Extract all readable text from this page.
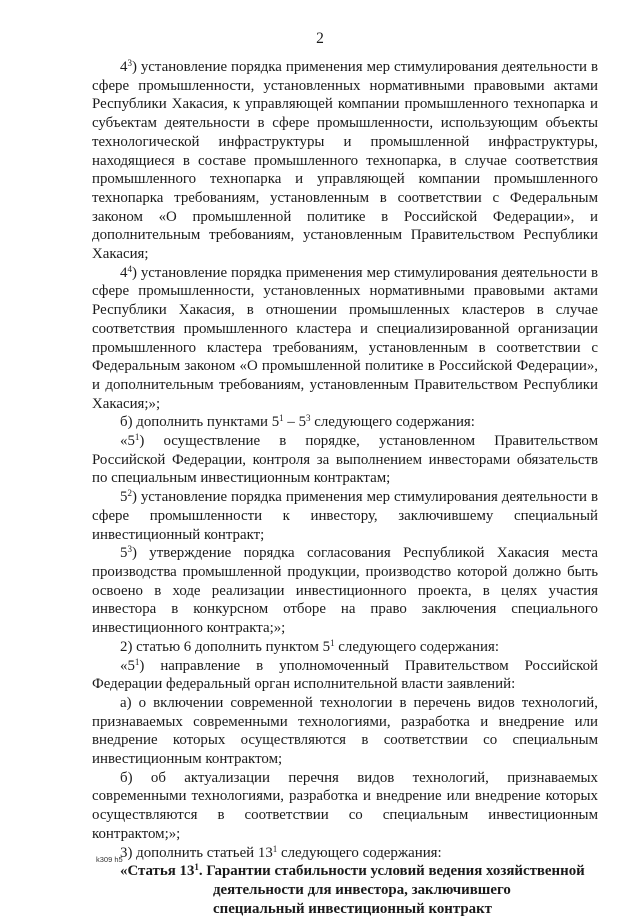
2

$4^3$) установление порядка применения мер стимулирования деятельности в сфере промышленности, установленных нормативными правовыми актами Республики Хакасия, к управляющей компании промышленного технопарка и субъектам деятельности в сфере промышленности, использующим объекты технологической инфраструктуры и промышленной инфраструктуры, находящиеся в составе промышленного технопарка, в случае соответствия промышленного технопарка и управляющей компании промышленного технопарка требованиям, установленным в соответствии с Федеральным законом «О промышленной политике в Российской Федерации», и дополнительным требованиям, установленным Правительством Республики Хакасия;

$4^4$) установление порядка применения мер стимулирования деятельности в сфере промышленности, установленных нормативными правовыми актами Республики Хакасия, в отношении промышленных кластеров в случае соответствия промышленного кластера и специализированной организации промышленного кластера требованиям, установленным в соответствии с Федеральным законом «О промышленной политике в Российской Федерации», и дополнительным требованиям, установленным Правительством Республики Хакасия;»;

б) дополнить пунктами $5^1 - 5^3$ следующего содержания:

«$5^1$) осуществление в порядке, установленном Правительством Российской Федерации, контроля за выполнением инвесторами обязательств по специальным инвестиционным контрактам;

$5^2$) установление порядка применения мер стимулирования деятельности в сфере промышленности к инвестору, заключившему специальный инвестиционный контракт;

$5^3$) утверждение порядка согласования Республикой Хакасия места производства промышленной продукции, производство которой должно быть освоено в ходе реализации инвестиционного проекта, в целях участия инвестора в конкурсном отборе на право заключения специального инвестиционного контракта;»;

2) статью 6 дополнить пунктом $5^1$ следующего содержания:

«$5^1$) направление в уполномоченный Правительством Российской Федерации федеральный орган исполнительной власти заявлений:

а) о включении современной технологии в перечень видов технологий, признаваемых современными технологиями, разработка и внедрение или внедрение которых осуществляются в соответствии со специальным инвестиционным контрактом;

б) об актуализации перечня видов технологий, признаваемых современными технологиями, разработка и внедрение или внедрение которых осуществляются в соответствии со специальным инвестиционным контрактом;»;

3) дополнить статьей $13^1$ следующего содержания:

«Статья $13^1$. Гарантии стабильности условий ведения хозяйственной
деятельности для инвестора, заключившего
специальный инвестиционный контракт
k309 h5
